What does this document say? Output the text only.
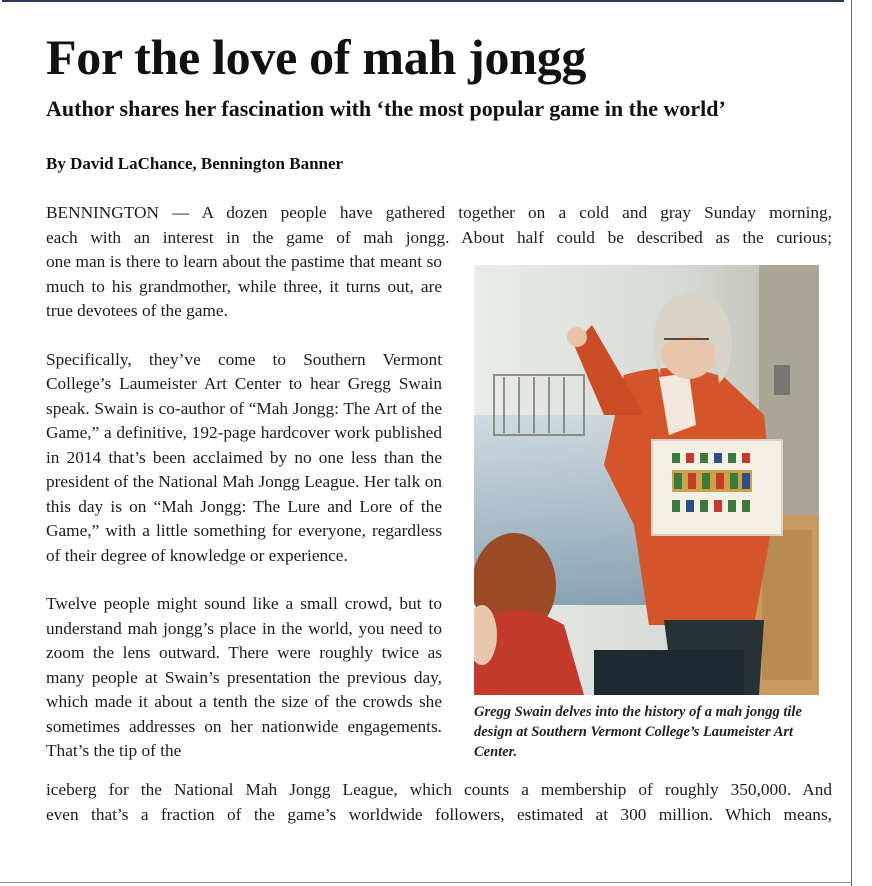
For the love of mah jongg
Author shares her fascination with ‘the most popular game in the world’
By David LaChance, Bennington Banner
BENNINGTON — A dozen people have gathered together on a cold and gray Sunday morning,
each with an interest in the game of mah jongg. About half could be described as the curious;

one man is there to learn about the pastime that meant so much to his grandmother, while three, it turns out, are true devotees of the game.

Specifically, they’ve come to Southern Vermont College’s Laumeister Art Center to hear Gregg Swain speak. Swain is co-author of “Mah Jongg: The Art of the Game,” a definitive, 192-page hardcover work published in 2014 that’s been acclaimed by no one less than the president of the National Mah Jongg League. Her talk on this day is on “Mah Jongg: The Lure and Lore of the Game,” with a little something for everyone, regardless of their degree of knowledge or experience.

Twelve people might sound like a small crowd, but to understand mah jongg’s place in the world, you need to zoom the lens outward. There were roughly twice as many people at Swain’s presentation the previous day, which made it about a tenth the size of the crowds she sometimes addresses on her nationwide engagements. That’s the tip of the

Gregg Swain delves into the history of a mah jongg tile design at Southern Vermont College’s Laumeister Art Center.

iceberg for the National Mah Jongg League, which counts a membership of roughly 350,000. And
even that’s a fraction of the game’s worldwide followers, estimated at 300 million. Which means,
